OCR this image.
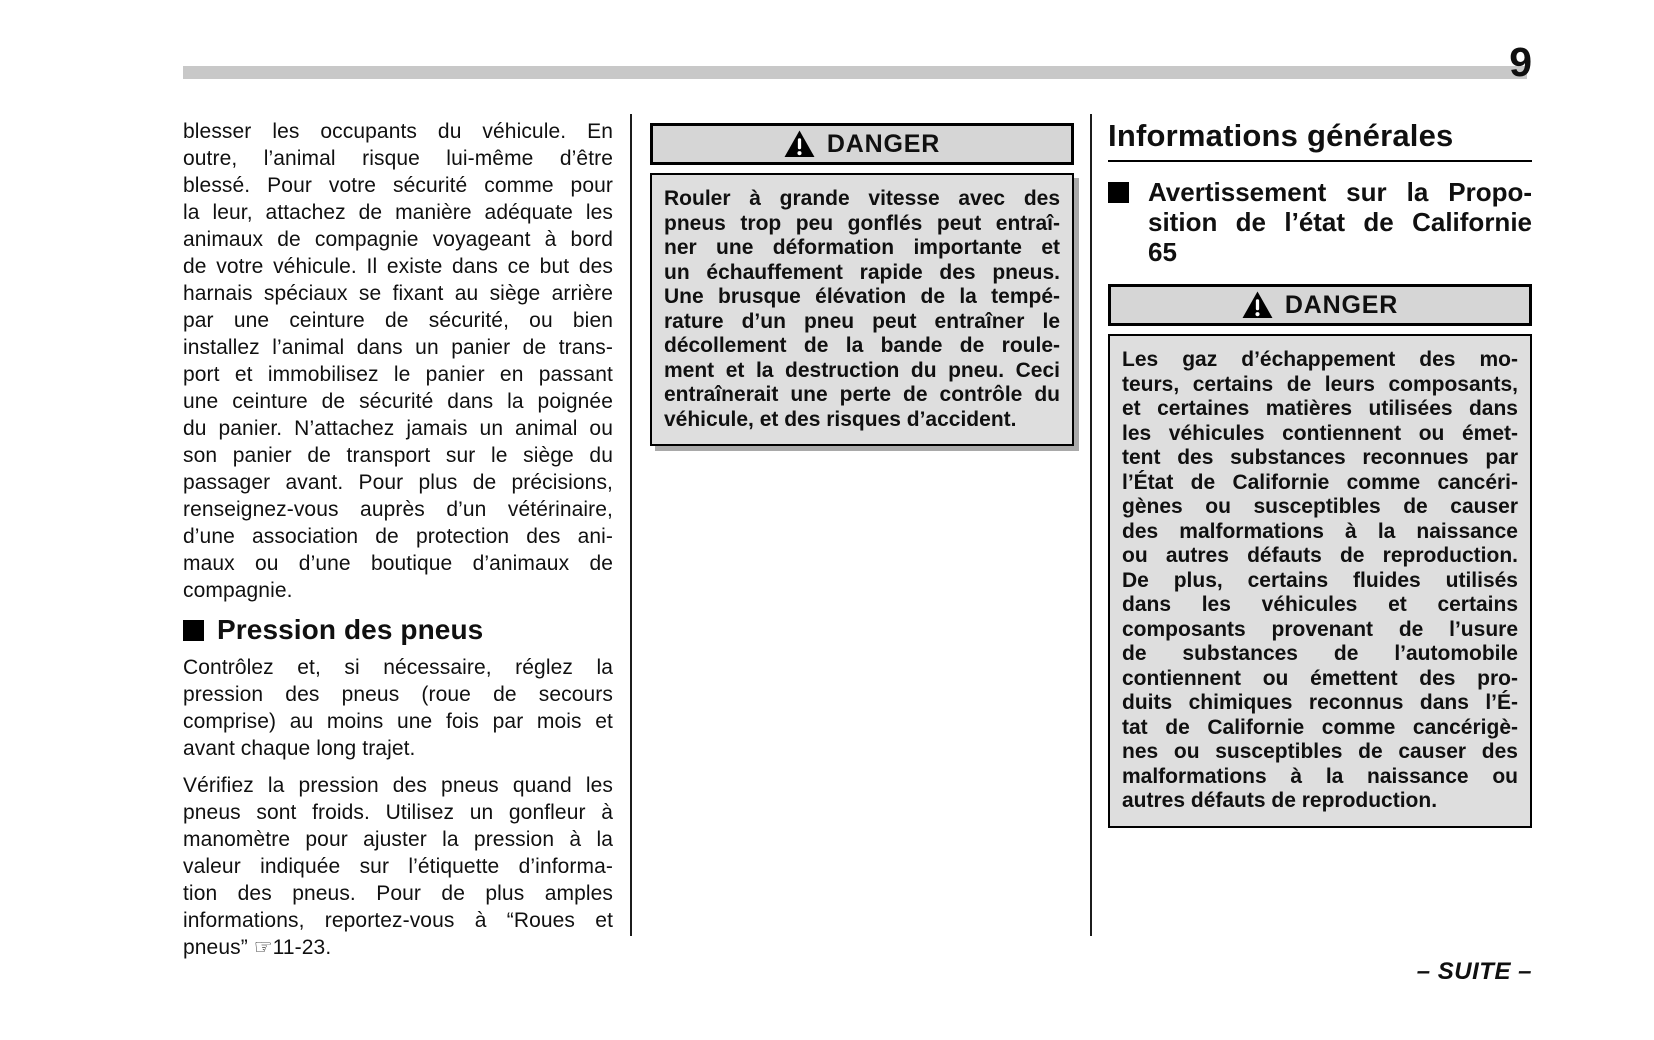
9
blesser les occupants du véhicule. En
outre, l’animal risque lui-même d’être
blessé. Pour votre sécurité comme pour
la leur, attachez de manière adéquate les
animaux de compagnie voyageant à bord
de votre véhicule. Il existe dans ce but des
harnais spéciaux se fixant au siège arrière
par une ceinture de sécurité, ou bien
installez l’animal dans un panier de trans-
port et immobilisez le panier en passant
une ceinture de sécurité dans la poignée
du panier. N’attachez jamais un animal ou
son panier de transport sur le siège du
passager avant. Pour plus de précisions,
renseignez-vous auprès d’un vétérinaire,
d’une association de protection des ani-
maux ou d’une boutique d’animaux de
compagnie.
Pression des pneus
Contrôlez et, si nécessaire, réglez la
pression des pneus (roue de secours
comprise) au moins une fois par mois et
avant chaque long trajet.
Vérifiez la pression des pneus quand les
pneus sont froids. Utilisez un gonfleur à
manomètre pour ajuster la pression à la
valeur indiquée sur l’étiquette d’informa-
tion des pneus. Pour de plus amples
informations, reportez-vous à “Roues et
pneus” ☞11-23.
DANGER
Rouler à grande vitesse avec des
pneus trop peu gonflés peut entraî-
ner une déformation importante et
un échauffement rapide des pneus.
Une brusque élévation de la tempé-
rature d’un pneu peut entraîner le
décollement de la bande de roule-
ment et la destruction du pneu. Ceci
entraînerait une perte de contrôle du
véhicule, et des risques d’accident.
Informations générales
Avertissement sur la Propo-
sition de l’état de Californie
65
DANGER
Les gaz d’échappement des mo-
teurs, certains de leurs composants,
et certaines matières utilisées dans
les véhicules contiennent ou émet-
tent des substances reconnues par
l’État de Californie comme cancéri-
gènes ou susceptibles de causer
des malformations à la naissance
ou autres défauts de reproduction.
De plus, certains fluides utilisés
dans les véhicules et certains
composants provenant de l’usure
de substances de l’automobile
contiennent ou émettent des pro-
duits chimiques reconnus dans l’É-
tat de Californie comme cancérigè-
nes ou susceptibles de causer des
malformations à la naissance ou
autres défauts de reproduction.
– SUITE –
